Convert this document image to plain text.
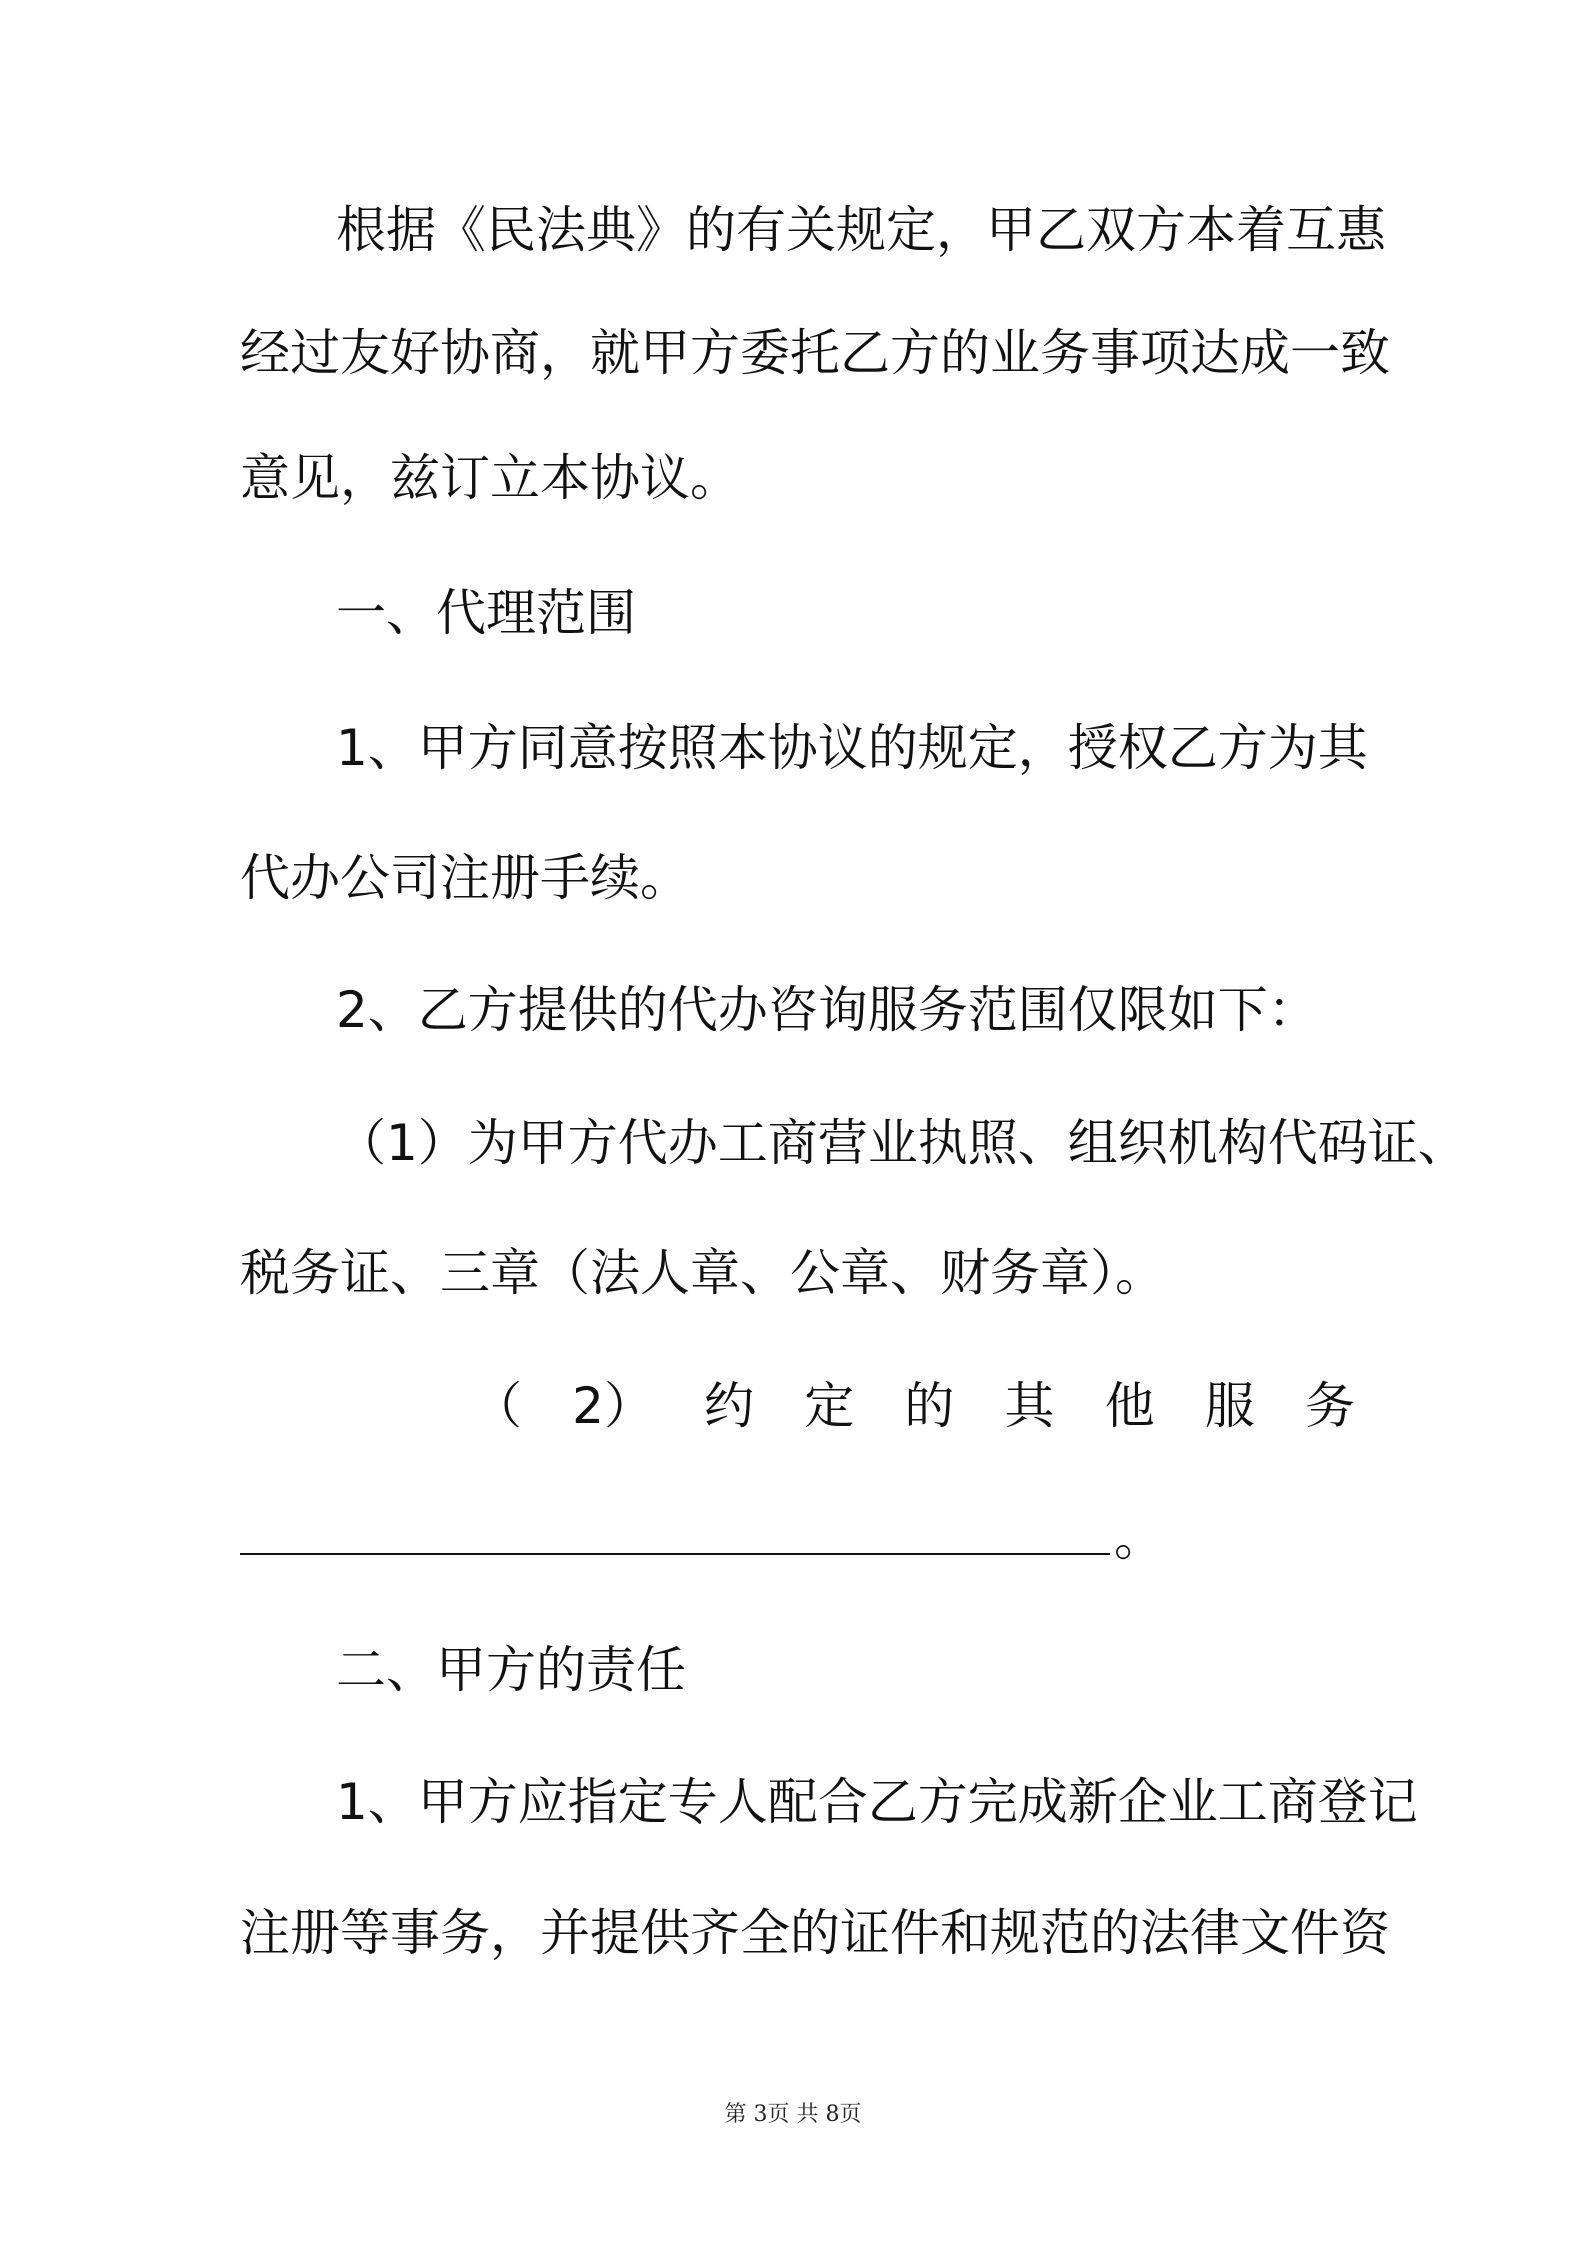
根据《民法典》的有关规定，甲乙双方本着互惠
经过友好协商，就甲方委托乙方的业务事项达成一致
意见，兹订立本协议。
一、代理范围
1、甲方同意按照本协议的规定，授权乙方为其
代办公司注册手续。
2、乙方提供的代办咨询服务范围仅限如下：
（1）为甲方代办工商营业执照、组织机构代码证、
税务证、三章（法人章、公章、财务章）。
（ 2） 约 定 的 其 他 服 务
。
二、甲方的责任
1、甲方应指定专人配合乙方完成新企业工商登记
注册等事务，并提供齐全的证件和规范的法律文件资
第 3页 共 8页
